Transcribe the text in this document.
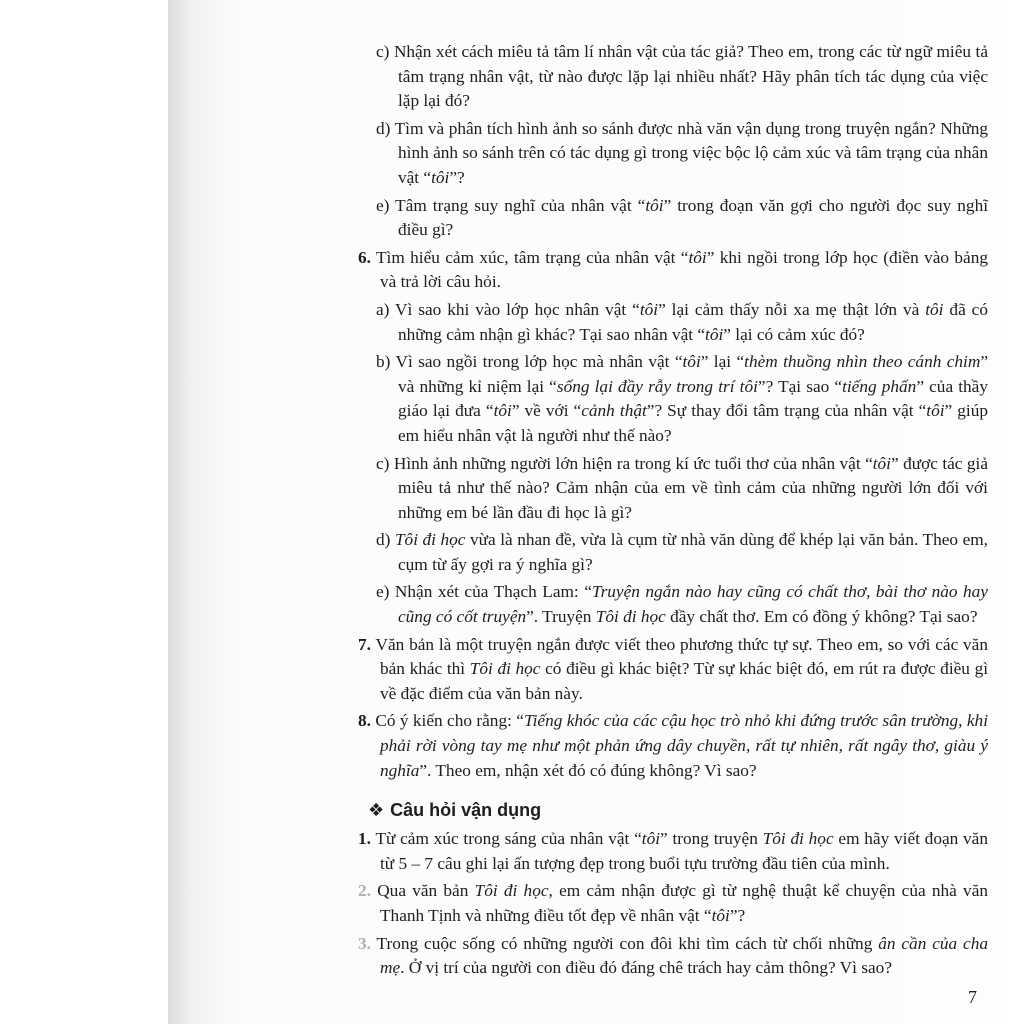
c) Nhận xét cách miêu tả tâm lí nhân vật của tác giả? Theo em, trong các từ ngữ miêu tả tâm trạng nhân vật, từ nào được lặp lại nhiều nhất? Hãy phân tích tác dụng của việc lặp lại đó?

d) Tìm và phân tích hình ảnh so sánh được nhà văn vận dụng trong truyện ngắn? Những hình ảnh so sánh trên có tác dụng gì trong việc bộc lộ cảm xúc và tâm trạng của nhân vật “tôi”?

e) Tâm trạng suy nghĩ của nhân vật “tôi” trong đoạn văn gợi cho người đọc suy nghĩ điều gì?

6. Tìm hiểu cảm xúc, tâm trạng của nhân vật “tôi” khi ngồi trong lớp học (điền vào bảng và trả lời câu hỏi.

a) Vì sao khi vào lớp học nhân vật “tôi” lại cảm thấy nỗi xa mẹ thật lớn và tôi đã có những cảm nhận gì khác? Tại sao nhân vật “tôi” lại có cảm xúc đó?

b) Vì sao ngồi trong lớp học mà nhân vật “tôi” lại “thèm thuồng nhìn theo cánh chim” và những kỉ niệm lại “sống lại đầy rẫy trong trí tôi”? Tại sao “tiếng phấn” của thầy giáo lại đưa “tôi” về với “cảnh thật”? Sự thay đổi tâm trạng của nhân vật “tôi” giúp em hiểu nhân vật là người như thế nào?

c) Hình ảnh những người lớn hiện ra trong kí ức tuổi thơ của nhân vật “tôi” được tác giả miêu tả như thế nào? Cảm nhận của em về tình cảm của những người lớn đối với những em bé lần đầu đi học là gì?

d) Tôi đi học vừa là nhan đề, vừa là cụm từ nhà văn dùng để khép lại văn bản. Theo em, cụm từ ấy gợi ra ý nghĩa gì?

e) Nhận xét của Thạch Lam: “Truyện ngắn nào hay cũng có chất thơ, bài thơ nào hay cũng có cốt truyện”. Truyện Tôi đi học đầy chất thơ. Em có đồng ý không? Tại sao?

7. Văn bản là một truyện ngắn được viết theo phương thức tự sự. Theo em, so với các văn bản khác thì Tôi đi học có điều gì khác biệt? Từ sự khác biệt đó, em rút ra được điều gì về đặc điểm của văn bản này.

8. Có ý kiến cho rằng: “Tiếng khóc của các cậu học trò nhỏ khi đứng trước sân trường, khi phải rời vòng tay mẹ như một phản ứng dây chuyền, rất tự nhiên, rất ngây thơ, giàu ý nghĩa”. Theo em, nhận xét đó có đúng không? Vì sao?

❖ Câu hỏi vận dụng

1. Từ cảm xúc trong sáng của nhân vật “tôi” trong truyện Tôi đi học em hãy viết đoạn văn từ 5 – 7 câu ghi lại ấn tượng đẹp trong buổi tựu trường đầu tiên của mình.

2. Qua văn bản Tôi đi học, em cảm nhận được gì từ nghệ thuật kể chuyện của nhà văn Thanh Tịnh và những điều tốt đẹp về nhân vật “tôi”?

3. Trong cuộc sống có những người con đôi khi tìm cách từ chối những ân cần của cha mẹ. Ở vị trí của người con điều đó đáng chê trách hay cảm thông? Vì sao?

7
